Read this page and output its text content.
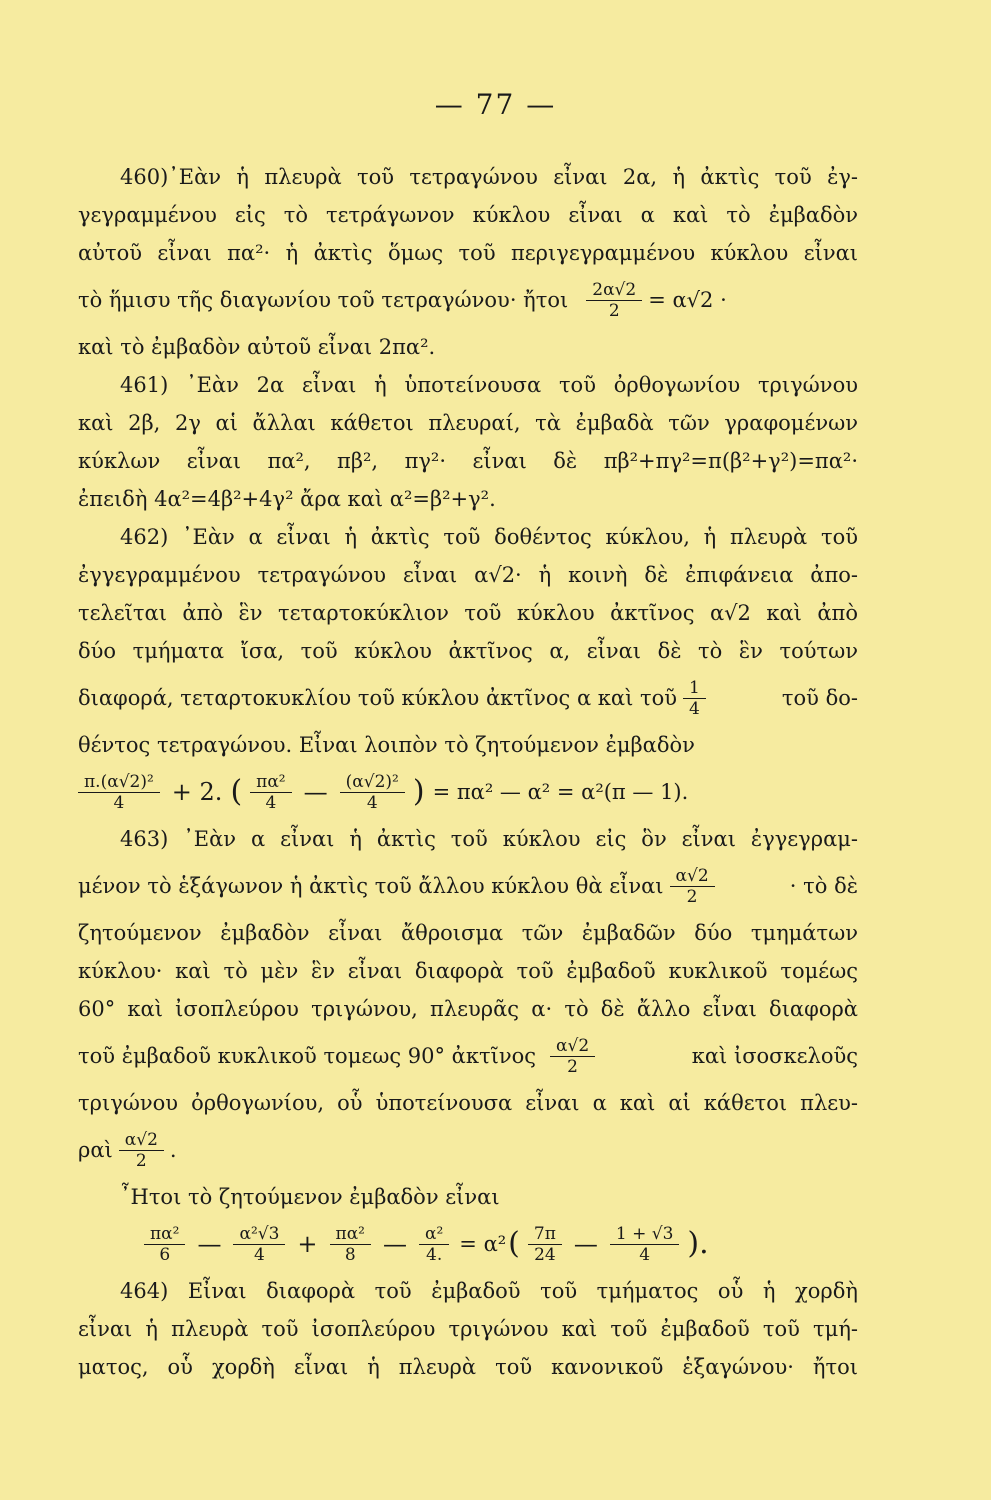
— 77 —
460)᾽Εὰν ἡ πλευρὰ τοῦ τετραγώνου εἶναι 2α, ἡ ἀκτὶς τοῦ ἐγ-
γεγραμμένου εἰς τὸ τετράγωνον κύκλου εἶναι α καὶ τὸ ἐμβαδὸν
αὐτοῦ εἶναι πα²· ἡ ἀκτὶς ὅμως τοῦ περιγεγραμμένου κύκλου εἶναι
τὸ ἥμισυ τῆς διαγωνίου τοῦ τετραγώνου· ἤτοι $\frac{2\alpha√2}{2} = \alpha√2$ ·
καὶ τὸ ἐμβαδὸν αὐτοῦ εἶναι 2πα².
461) ᾽Εὰν 2α εἶναι ἡ ὑποτείνουσα τοῦ ὀρθογωνίου τριγώνου
καὶ 2β, 2γ αἱ ἄλλαι κάθετοι πλευραί, τὰ ἐμβαδὰ τῶν γραφομένων
κύκλων εἶναι πα², πβ², πγ²· εἶναι δὲ πβ²+πγ²=π(β²+γ²)=πα²·
ἐπειδὴ 4α²=4β²+4γ² ἄρα καὶ α²=β²+γ².
462) ᾽Εὰν α εἶναι ἡ ἀκτὶς τοῦ δοθέντος κύκλου, ἡ πλευρὰ τοῦ
ἐγγεγραμμένου τετραγώνου εἶναι α√2· ἡ κοινὴ δὲ ἐπιφάνεια ἀπο-
τελεῖται ἀπὸ ἓν τεταρτοκύκλιον τοῦ κύκλου ἀκτῖνος α√2 καὶ ἀπὸ
δύο τμήματα ἴσα, τοῦ κύκλου ἀκτῖνος α, εἶναι δὲ τὸ ἓν τούτων
διαφορά, τεταρτοκυκλίου τοῦ κύκλου ἀκτῖνος α καὶ τοῦ $\frac{1}{4}$	τοῦ δο-
θέντος τετραγώνου. Εἶναι λοιπὸν τὸ ζητούμενον ἐμβαδὸν
$\frac{\text{π.(α√2)²}}{4} + 2$. ( $\frac{\text{πα²}}{4}$ — $\frac{\text{(α√2)²}}{4}$ ) = πα² — α² = α²(π — 1).
463) ᾽Εὰν α εἶναι ἡ ἀκτὶς τοῦ κύκλου εἰς ὃν εἶναι ἐγγεγραμ-
μένον τὸ ἑξάγωνον ἡ ἀκτὶς τοῦ ἄλλου κύκλου θὰ εἶναι $\frac{\alpha√2}{2}$	· τὸ δὲ
ζητούμενον ἐμβαδὸν εἶναι ἄθροισμα τῶν ἐμβαδῶν δύο τμημάτων
κύκλου· καὶ τὸ μὲν ἓν εἶναι διαφορὰ τοῦ ἐμβαδοῦ κυκλικοῦ τομέως
60° καὶ ἰσοπλεύρου τριγώνου, πλευρᾶς α· τὸ δὲ ἄλλο εἶναι διαφορὰ
τοῦ ἐμβαδοῦ κυκλικοῦ τομεως 90° ἀκτῖνος $\frac{\alpha√2}{2}$	καὶ ἰσοσκελοῦς
τριγώνου ὀρθογωνίου, οὗ ὑποτείνουσα εἶναι α καὶ αἱ κάθετοι πλευ-
ραὶ $\frac{\alpha√2}{2}$ .
῏Ητοι τὸ ζητούμενον ἐμβαδὸν εἶναι
$\frac{\text{πα²}}{6}$ — $\frac{\text{α²√3}}{4} + \frac{\text{πα²}}{8}$ — $\frac{\text{α²}}{4.} = \alpha^2$ ( $\frac{7\pi}{24}$ — $\frac{1 + √3}{4}$ ).
464) Εἶναι διαφορὰ τοῦ ἐμβαδοῦ τοῦ τμήματος οὗ ἡ χορδὴ
εἶναι ἡ πλευρὰ τοῦ ἰσοπλεύρου τριγώνου καὶ τοῦ ἐμβαδοῦ τοῦ τμή-
ματος, οὗ χορδὴ εἶναι ἡ πλευρὰ τοῦ κανονικοῦ ἑξαγώνου· ἤτοι
